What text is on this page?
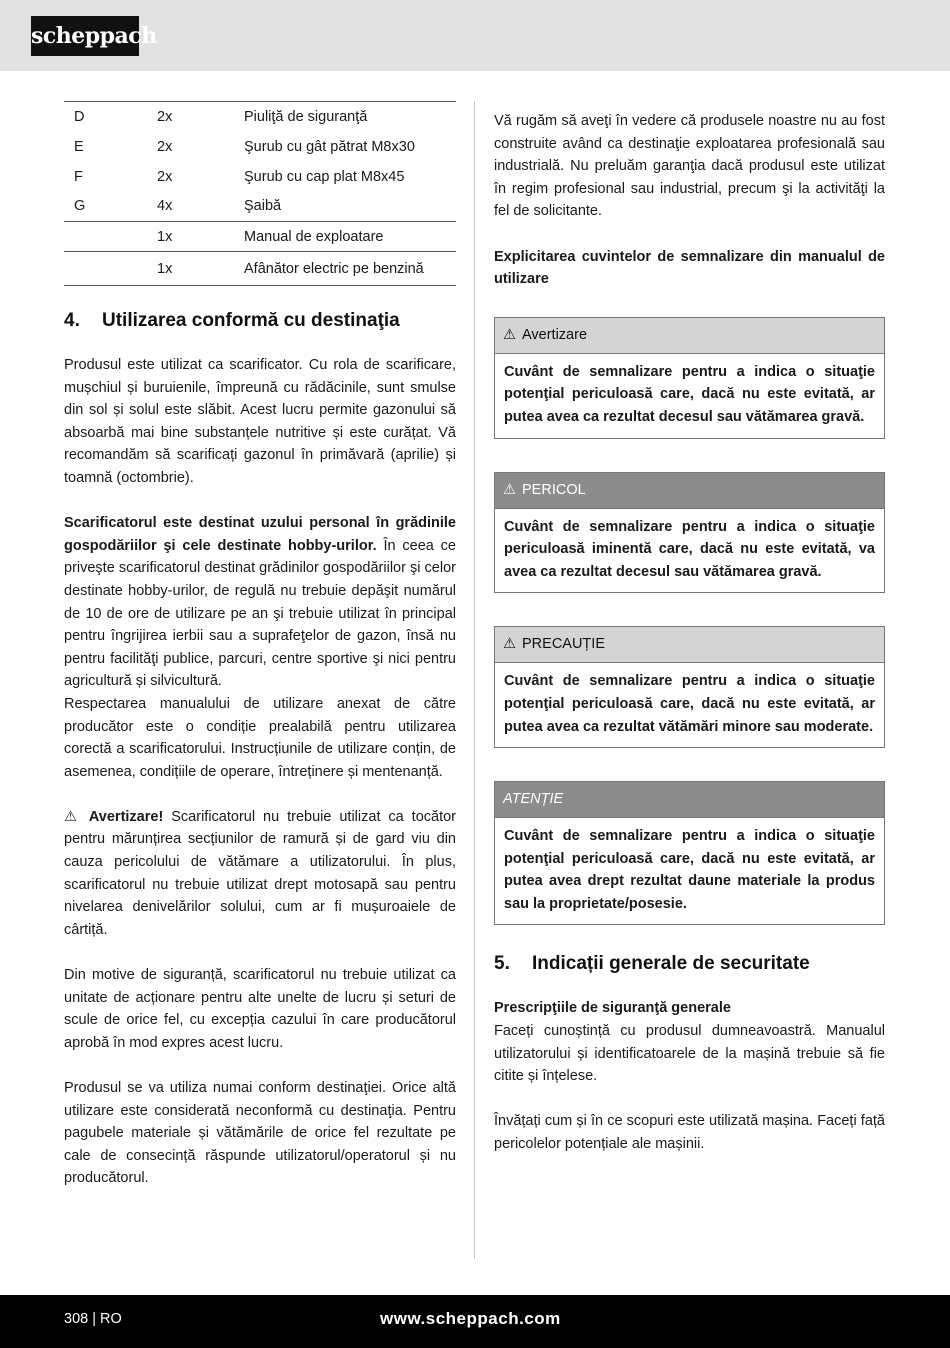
scheppach
D	2x	Piuliţă de siguranţă
E	2x	Şurub cu gât pătrat M8x30
F	2x	Şurub cu cap plat M8x45
G	4x	Şaibă
	1x	Manual de exploatare
	1x	Afânător electric pe benzină
4. Utilizarea conformă cu destinaţia

Produsul este utilizat ca scarificator. Cu rola de scarificare, mușchiul și buruienile, împreună cu rădăcinile, sunt smulse din sol și solul este slăbit. Acest lucru permite gazonului să absoarbă mai bine substanțele nutritive și este curățat. Vă recomandăm să scarificați gazonul în primăvară (aprilie) și toamnă (octombrie).

Scarificatorul este destinat uzului personal în grădinile gospodăriilor şi cele destinate hobby-urilor. În ceea ce priveşte scarificatorul destinat grădinilor gospodăriilor şi celor destinate hobby-urilor, de regulă nu trebuie depăşit numărul de 10 de ore de utilizare pe an şi trebuie utilizat în principal pentru îngrijirea ierbii sau a suprafeţelor de gazon, însă nu pentru facilităţi publice, parcuri, centre sportive şi nici pentru agricultură și silvicultură.

Respectarea manualului de utilizare anexat de către producător este o condiție prealabilă pentru utilizarea corectă a scarificatorului. Instrucțiunile de utilizare conțin, de asemenea, condițiile de operare, întreținere și mentenanță.

⚠ Avertizare! Scarificatorul nu trebuie utilizat ca tocător pentru mărunțirea secțiunilor de ramură și de gard viu din cauza pericolului de vătămare a utilizatorului. În plus, scarificatorul nu trebuie utilizat drept motosapă sau pentru nivelarea denivelărilor solului, cum ar fi mușuroaiele de cârtiță.

Din motive de siguranță, scarificatorul nu trebuie utilizat ca unitate de acționare pentru alte unelte de lucru și seturi de scule de orice fel, cu excepția cazului în care producătorul aprobă în mod expres acest lucru.

Produsul se va utiliza numai conform destinaţiei. Orice altă utilizare este considerată neconformă cu destinaţia. Pentru pagubele materiale și vătămările de orice fel rezultate pe cale de consecință răspunde utilizatorul/operatorul și nu producătorul.

Vă rugăm să aveţi în vedere că produsele noastre nu au fost construite având ca destinaţie exploatarea profesională sau industrială. Nu preluăm garanţia dacă produsul este utilizat în regim profesional sau industrial, precum şi la activităţi la fel de solicitante.

Explicitarea cuvintelor de semnalizare din manualul de utilizare

⚠ Avertizare
Cuvânt de semnalizare pentru a indica o situaţie potenţial periculoasă care, dacă nu este evitată, ar putea avea ca rezultat decesul sau vătămarea gravă.
⚠ PERICOL
Cuvânt de semnalizare pentru a indica o situaţie periculoasă iminentă care, dacă nu este evitată, va avea ca rezultat decesul sau vătămarea gravă.
⚠ PRECAUȚIE
Cuvânt de semnalizare pentru a indica o situaţie potenţial periculoasă care, dacă nu este evitată, ar putea avea ca rezultat vătămări minore sau moderate.
ATENȚIE
Cuvânt de semnalizare pentru a indica o situaţie potenţial periculoasă care, dacă nu este evitată, ar putea avea drept rezultat daune materiale la produs sau la proprietate/posesie.
5. Indicații generale de securitate

Prescripţiile de siguranţă generale

Faceți cunoștință cu produsul dumneavoastră. Manualul utilizatorului și identificatoarele de la mașină trebuie să fie citite și înțelese.

Învățați cum și în ce scopuri este utilizată mașina. Faceți față pericolelor potențiale ale mașinii.

308 | RO	www.scheppach.com
